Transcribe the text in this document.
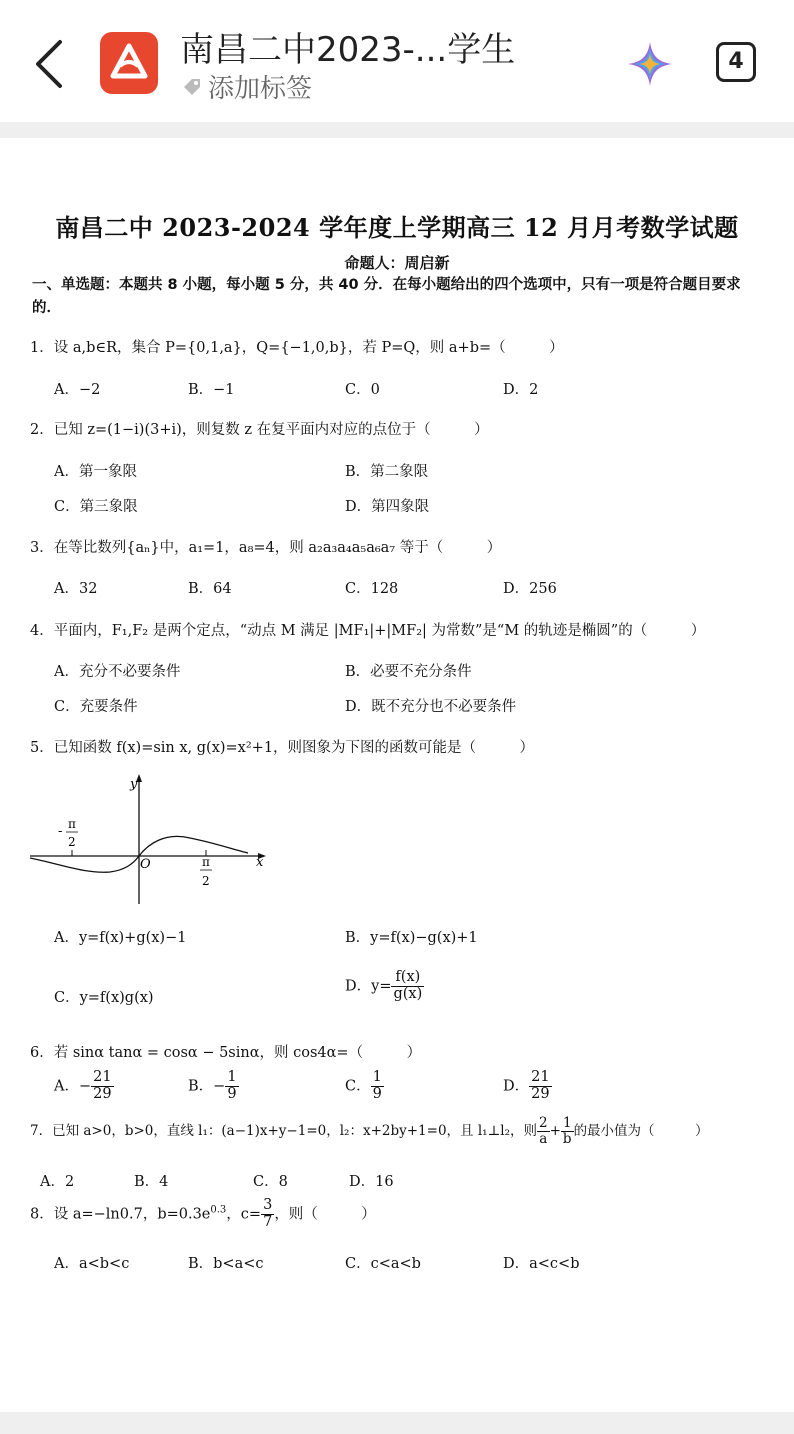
南昌二中2023-...学生
添加标签
4
南昌二中 2023-2024 学年度上学期高三 12 月月考数学试题
命题人：周启新
一、单选题：本题共 8 小题，每小题 5 分，共 40 分．在每小题给出的四个选项中，只有一项是符合题目要求的．
1．设 a,b∈R，集合 P={0,1,a}，Q={−1,0,b}，若 P=Q，则 a+b=（　　　）
A．−2	B．−1	C．0	D．2
2．已知 z=(1−i)(3+i)，则复数 z 在复平面内对应的点位于（　　　）
A．第一象限	B．第二象限
C．第三象限	D．第四象限
3．在等比数列{aₙ}中，a₁=1，a₈=4，则 a₂a₃a₄a₅a₆a₇ 等于（　　　）
A．32	B．64	C．128	D．256
4．平面内，F₁,F₂ 是两个定点，“动点 M 满足 |MF₁|+|MF₂| 为常数”是“M 的轨迹是椭圆”的（　　　）
A．充分不必要条件	B．必要不充分条件
C．充要条件	D．既不充分也不必要条件
5．已知函数 f(x)=sin x, g(x)=x²+1，则图象为下图的函数可能是（　　　）
y
x
O
- π
2
π
2
A．y=f(x)+g(x)−1	B．y=f(x)−g(x)+1
C．y=f(x)g(x)
D．$y= \frac{f(x)}{g(x)}$
6．若 sinα tanα = cosα − 5sinα，则 cos4α=（　　　）
A．− $\frac{21}{29}$	B．− $\frac{1}{9}$	C． $\frac{1}{9}$	D． $\frac{21}{29}$
7．已知 a>0，b>0，直线 l₁：(a−1)x+y−1=0，l₂：x+2by+1=0，且 l₁⊥l₂，则 $\frac{2}{a} + \frac{1}{b}$ 的最小值为（　　　）
A．2	B．4	C．8	D．16
8．设 a=−ln0.7，$b=0.3e^{0.3}$，$c= \frac{3}{7}$ ，则（　　　）
A．a<b<c	B．b<a<c	C．c<a<b	D．a<c<b
